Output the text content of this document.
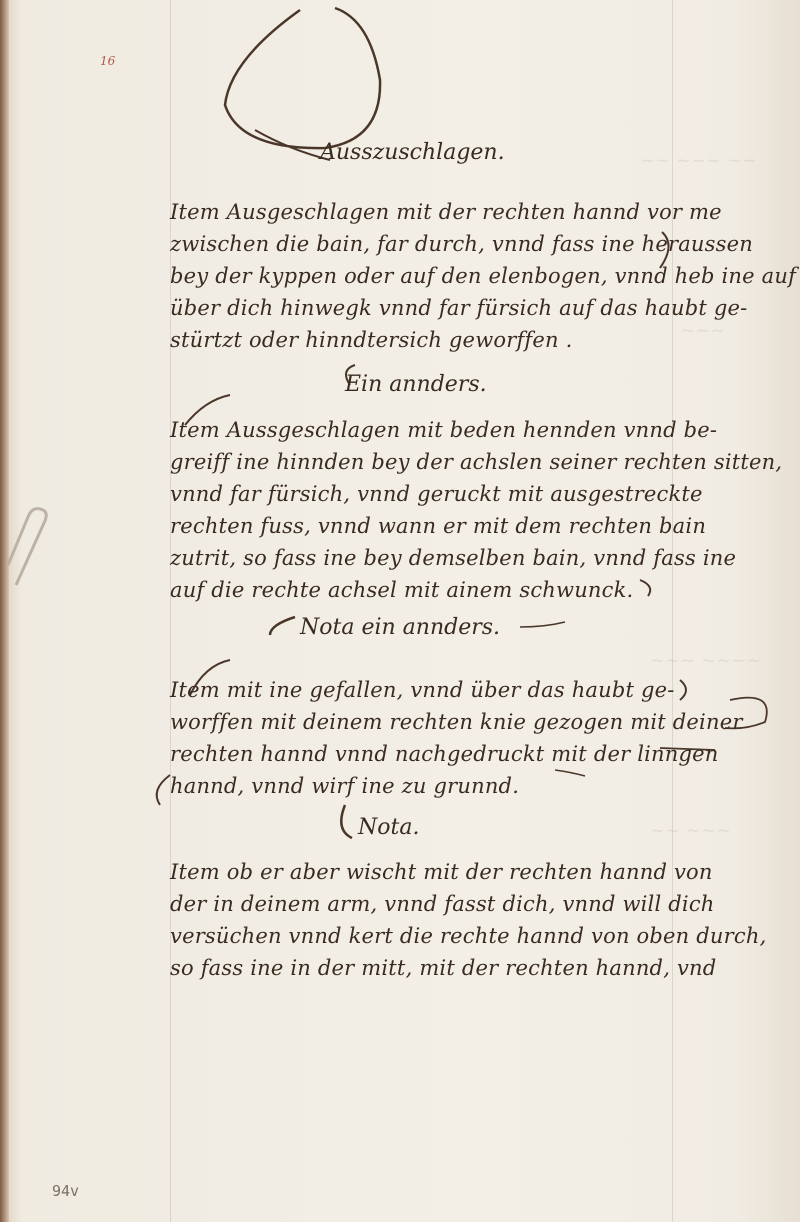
~~ ~~~ ~~
~~~
~~~ ~~~~
~~ ~~~
16
Ausszuschlagen.
Item Ausgeschlagen mit der rechten hannd vor me
zwischen die bain, far durch, vnnd fass ine heraussen
bey der kyppen oder auf den elenbogen, vnnd heb ine auf
über dich hinwegk vnnd far fürsich auf das haubt ge-
stürtzt oder hinndtersich geworffen .
Ein annders.
Item Aussgeschlagen mit beden hennden vnnd be-
greiff ine hinnden bey der achslen seiner rechten sitten,
vnnd far fürsich, vnnd geruckt mit ausgestreckte
rechten fuss, vnnd wann er mit dem rechten bain
zutrit, so fass ine bey demselben bain, vnnd fass ine
auf die rechte achsel mit ainem schwunck.
Nota ein annders.
Item mit ine gefallen, vnnd über das haubt ge-
worffen mit deinem rechten knie gezogen mit deiner
rechten hannd vnnd nachgedruckt mit der linngen
hannd, vnnd wirf ine zu grunnd.
Nota.
Item ob er aber wischt mit der rechten hannd von
der in deinem arm, vnnd fasst dich, vnnd will dich
versüchen vnnd kert die rechte hannd von oben durch,
so fass ine in der mitt, mit der rechten hannd, vnd
94v
